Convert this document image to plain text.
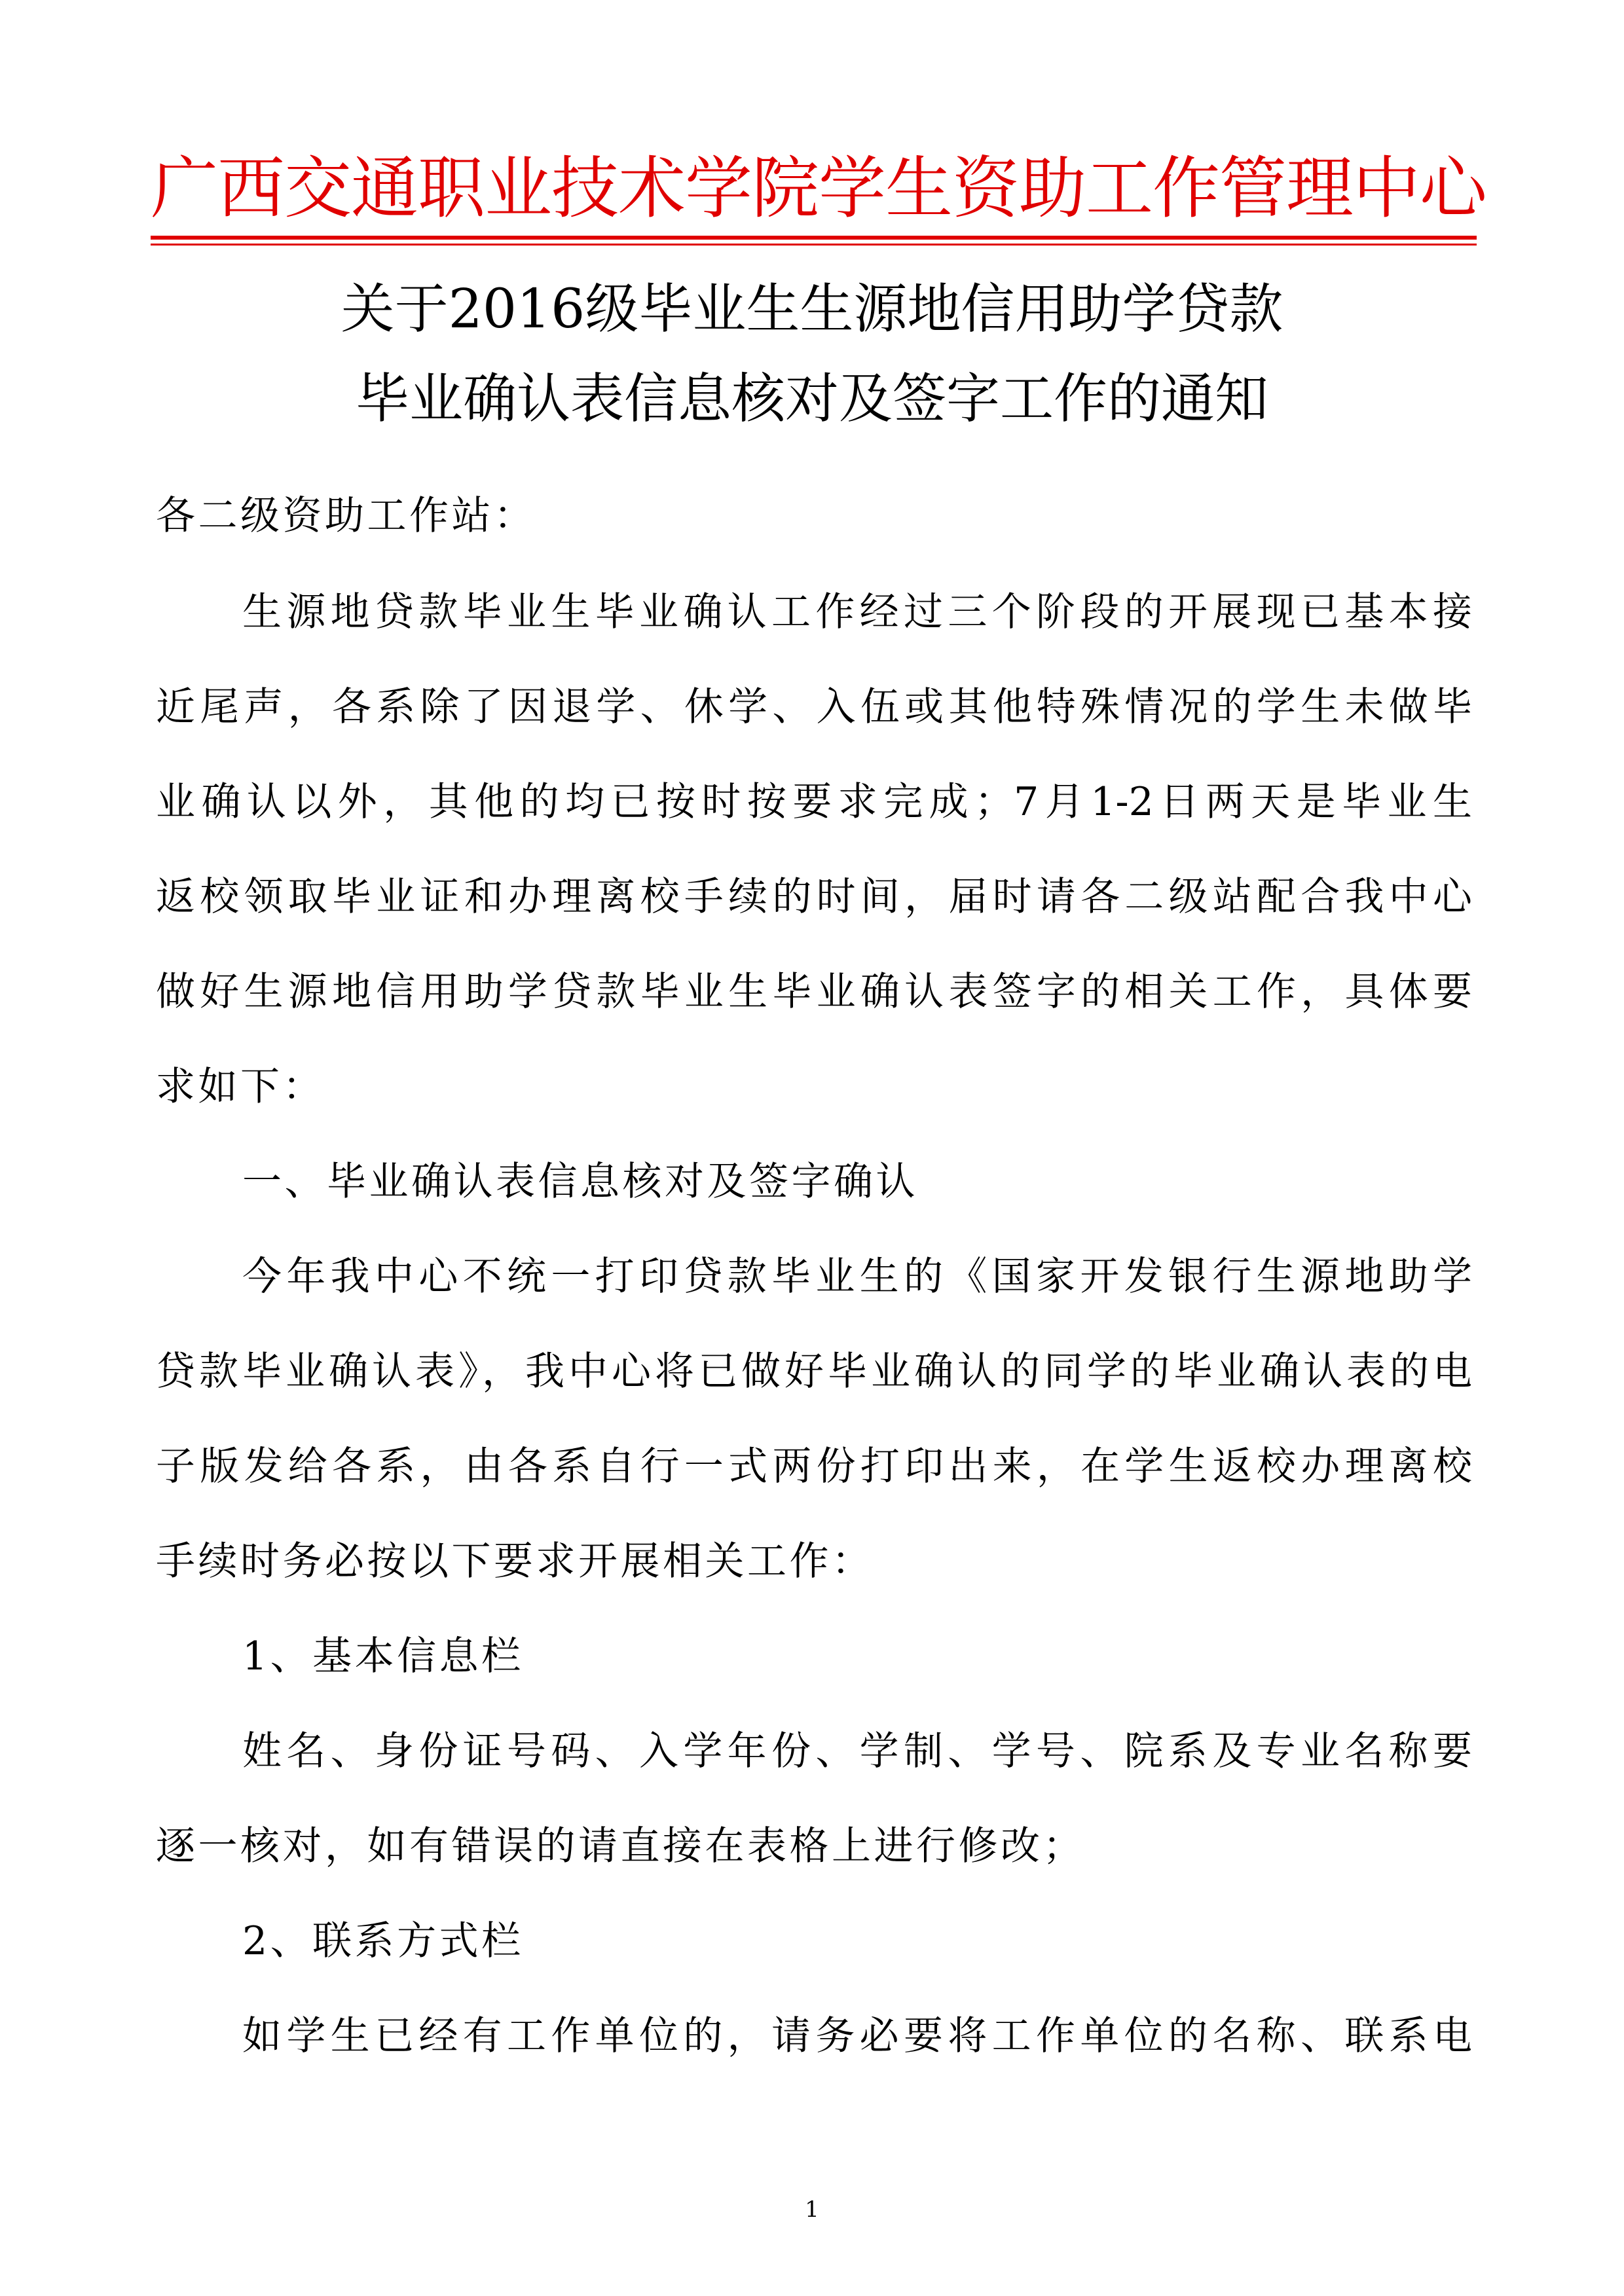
广西交通职业技术学院学生资助工作管理中心
关于2016级毕业生生源地信用助学贷款
毕业确认表信息核对及签字工作的通知
各二级资助工作站：
生源地贷款毕业生毕业确认工作经过三个阶段的开展现已基本接
近尾声，各系除了因退学、休学、入伍或其他特殊情况的学生未做毕
业确认以外，其他的均已按时按要求完成；7月1-2日两天是毕业生
返校领取毕业证和办理离校手续的时间，届时请各二级站配合我中心
做好生源地信用助学贷款毕业生毕业确认表签字的相关工作，具体要
求如下：
一、毕业确认表信息核对及签字确认
今年我中心不统一打印贷款毕业生的《国家开发银行生源地助学
贷款毕业确认表》，我中心将已做好毕业确认的同学的毕业确认表的电
子版发给各系，由各系自行一式两份打印出来，在学生返校办理离校
手续时务必按以下要求开展相关工作：
1、基本信息栏
姓名、身份证号码、入学年份、学制、学号、院系及专业名称要
逐一核对，如有错误的请直接在表格上进行修改；
2、联系方式栏
如学生已经有工作单位的，请务必要将工作单位的名称、联系电
1
